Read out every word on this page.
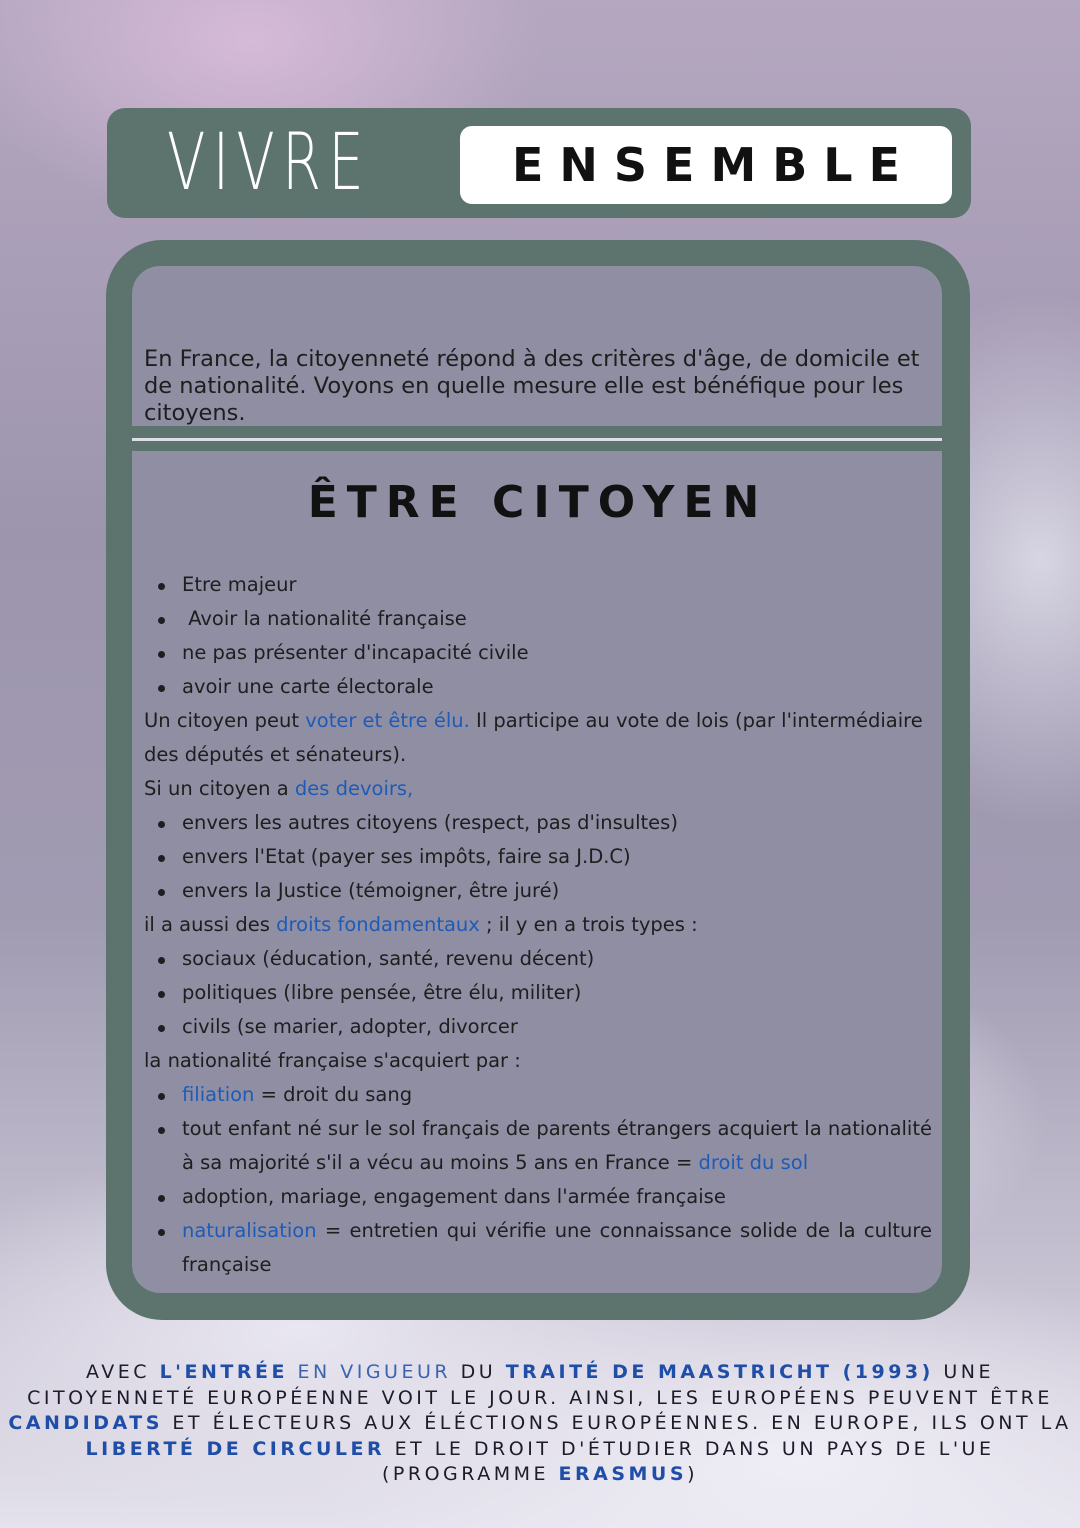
VIVRE	ENSEMBLE
En France, la citoyenneté répond à des critères d'âge, de domicile et de nationalité. Voyons en quelle mesure elle est bénéfique pour les citoyens.
ÊTRE CITOYEN
Etre majeur
Avoir la nationalité française
ne pas présenter d'incapacité civile
avoir une carte électorale
Un citoyen peut voter et être élu. Il participe au vote de lois (par l'intermédiaire
des députés et sénateurs).
Si un citoyen a des devoirs,
envers les autres citoyens (respect, pas d'insultes)
envers l'Etat (payer ses impôts, faire sa J.D.C)
envers la Justice (témoigner, être juré)
il a aussi des droits fondamentaux ; il y en a trois types :
sociaux (éducation, santé, revenu décent)
politiques (libre pensée, être élu, militer)
civils (se marier, adopter, divorcer
la nationalité française s'acquiert par :
filiation = droit du sang
tout enfant né sur le sol français de parents étrangers acquiert la nationalité à sa majorité s'il a vécu au moins 5 ans en France = droit du sol
adoption, mariage, engagement dans l'armée française
naturalisation = entretien qui vérifie une connaissance solide de la culture française
AVEC L'ENTRÉE EN VIGUEUR DU TRAITÉ DE MAASTRICHT (1993) UNE CITOYENNETÉ EUROPÉENNE VOIT LE JOUR. AINSI, LES EUROPÉENS PEUVENT ÊTRE CANDIDATS ET ÉLECTEURS AUX ÉLÉCTIONS EUROPÉENNES. EN EUROPE, ILS ONT LA LIBERTÉ DE CIRCULER ET LE DROIT D'ÉTUDIER DANS UN PAYS DE L'UE (PROGRAMME ERASMUS)
